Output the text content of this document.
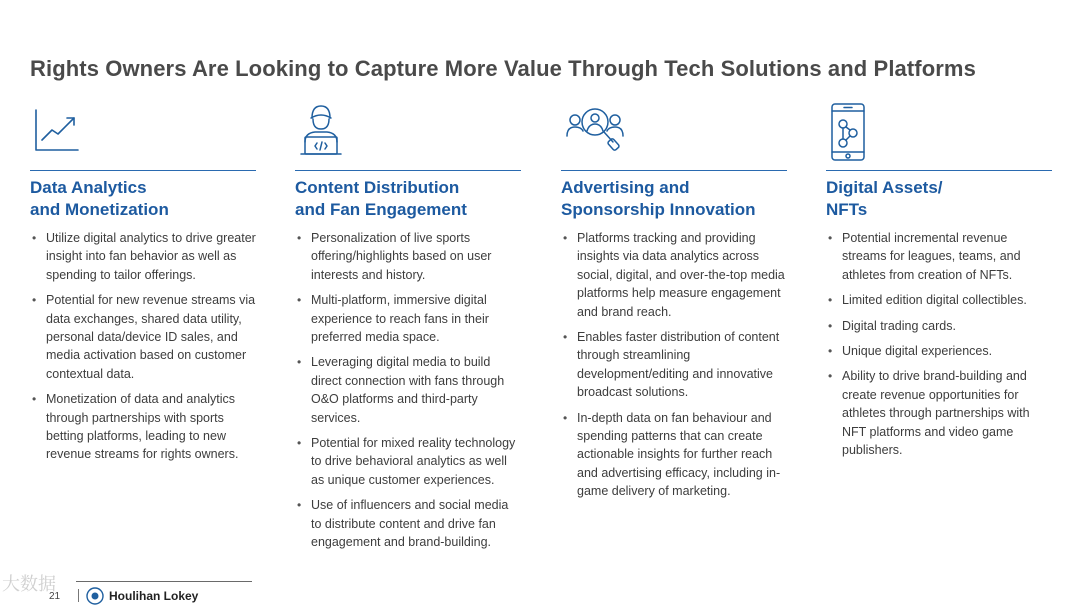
Rights Owners Are Looking to Capture More Value Through Tech Solutions and Platforms
Data Analytics
and Monetization
• Utilize digital analytics to drive greater insight into fan behavior as well as spending to tailor offerings.
• Potential for new revenue streams via data exchanges, shared data utility, personal data/device ID sales, and media activation based on customer contextual data.
• Monetization of data and analytics through partnerships with sports betting platforms, leading to new revenue streams for rights owners.
Content Distribution
and Fan Engagement
• Personalization of live sports offering/highlights based on user interests and history.
• Multi-platform, immersive digital experience to reach fans in their preferred media space.
• Leveraging digital media to build direct connection with fans through O&O platforms and third-party services.
• Potential for mixed reality technology to drive behavioral analytics as well as unique customer experiences.
• Use of influencers and social media to distribute content and drive fan engagement and brand-building.
Advertising and
Sponsorship Innovation
• Platforms tracking and providing insights via data analytics across social, digital, and over-the-top media platforms help measure engagement and brand reach.
• Enables faster distribution of content through streamlining development/editing and innovative broadcast solutions.
• In-depth data on fan behaviour and spending patterns that can create actionable insights for further reach and advertising efficacy, including in-game delivery of marketing.
Digital Assets/
NFTs
• Potential incremental revenue streams for leagues, teams, and athletes from creation of NFTs.
• Limited edition digital collectibles.
• Digital trading cards.
• Unique digital experiences.
• Ability to drive brand-building and create revenue opportunities for athletes through partnerships with NFT platforms and video game publishers.
大数据
21	Houlihan Lokey
